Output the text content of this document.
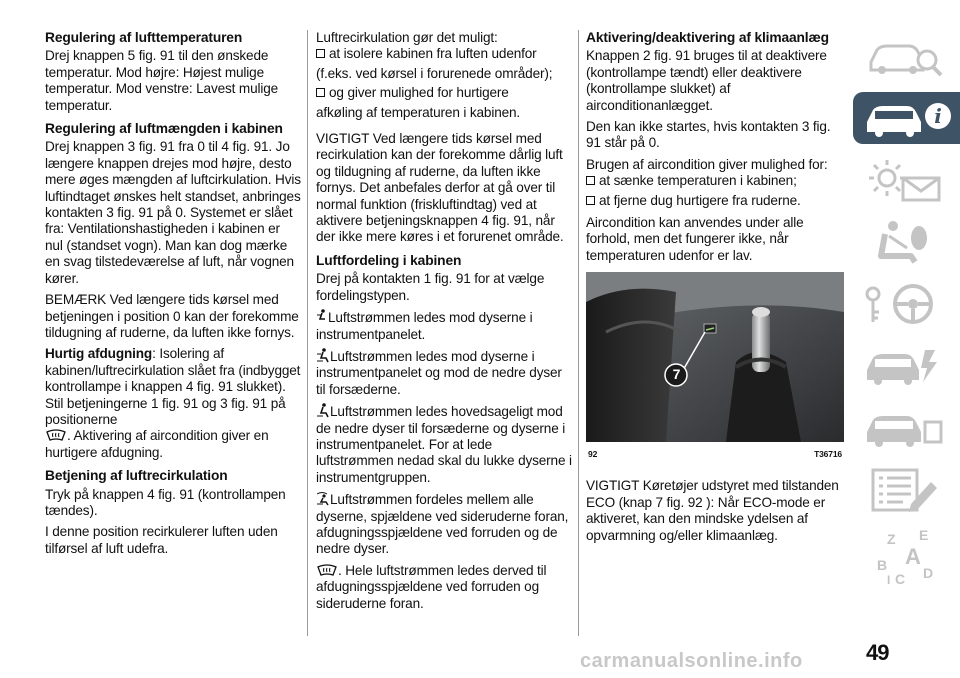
Regulering af lufttemperaturen

Drej knappen 5 fig. 91 til den ønskede temperatur. Mod højre: Højest mulige temperatur. Mod venstre: Lavest mulige temperatur.

Regulering af luftmængden i kabinen

Drej knappen 3 fig. 91 fra 0 til 4 fig. 91. Jo længere knappen drejes mod højre, desto mere øges mængden af luftcirkulation. Hvis luftindtaget ønskes helt standset, anbringes kontakten 3 fig. 91 på 0. Systemet er slået fra: Ventilationshastigheden i kabinen er nul (standset vogn). Man kan dog mærke en svag tilstedeværelse af luft, når vognen kører.

BEMÆRK Ved længere tids kørsel med betjeningen i position 0 kan der forekomme tildugning af ruderne, da luften ikke fornys.

Hurtig afdugning: Isolering af kabinen/luftrecirkulation slået fra (indbygget kontrollampe i knappen 4 fig. 91 slukket). Stil betjeningerne 1 fig. 91 og 3 fig. 91 på positionerne
. Aktivering af aircondition giver en hurtigere afdugning.

Betjening af luftrecirkulation

Tryk på knappen 4 fig. 91 (kontrollampen tændes).

I denne position recirkulerer luften uden tilførsel af luft udefra.

Luftrecirkulation gør det muligt:

at isolere kabinen fra luften udenfor

(f.eks. ved kørsel i forurenede områder);

og giver mulighed for hurtigere

afkøling af temperaturen i kabinen.

VIGTIGT Ved længere tids kørsel med recirkulation kan der forekomme dårlig luft og tildugning af ruderne, da luften ikke fornys. Det anbefales derfor at gå over til normal funktion (friskluftindtag) ved at aktivere betjeningsknappen 4 fig. 91, når der ikke mere køres i et forurenet område.

Luftfordeling i kabinen

Drej på kontakten 1 fig. 91 for at vælge fordelingstypen.

Luftstrømmen ledes mod dyserne i instrumentpanelet.

Luftstrømmen ledes mod dyserne i instrumentpanelet og mod de nedre dyser til forsæderne.

Luftstrømmen ledes hovedsageligt mod de nedre dyser til forsæderne og dyserne i instrumentpanelet. For at lede luftstrømmen nedad skal du lukke dyserne i instrumentgruppen.

Luftstrømmen fordeles mellem alle dyserne, spjældene ved sideruderne foran, afdugningsspjældene ved forruden og de nedre dyser.

. Hele luftstrømmen ledes derved til afdugningsspjældene ved forruden og sideruderne foran.

Aktivering/deaktivering af klimaanlæg

Knappen 2 fig. 91 bruges til at deaktivere (kontrollampe tændt) eller deaktivere (kontrollampe slukket) af airconditionanlægget.

Den kan ikke startes, hvis kontakten 3 fig. 91 står på 0.

Brugen af aircondition giver mulighed for:

at sænke temperaturen i kabinen;
at fjerne dug hurtigere fra ruderne.

Aircondition kan anvendes under alle forhold, men det fungerer ikke, når temperaturen udenfor er lav.

7
92	T36716

VIGTIGT Køretøjer udstyret med tilstanden ECO (knap 7 fig. 92 ): Når ECO-mode er aktiveret, kan den mindske ydelsen af opvarmning og/eller klimaanlæg.

i
Z E
A
B
C D
I
49
carmanualsonline.info
